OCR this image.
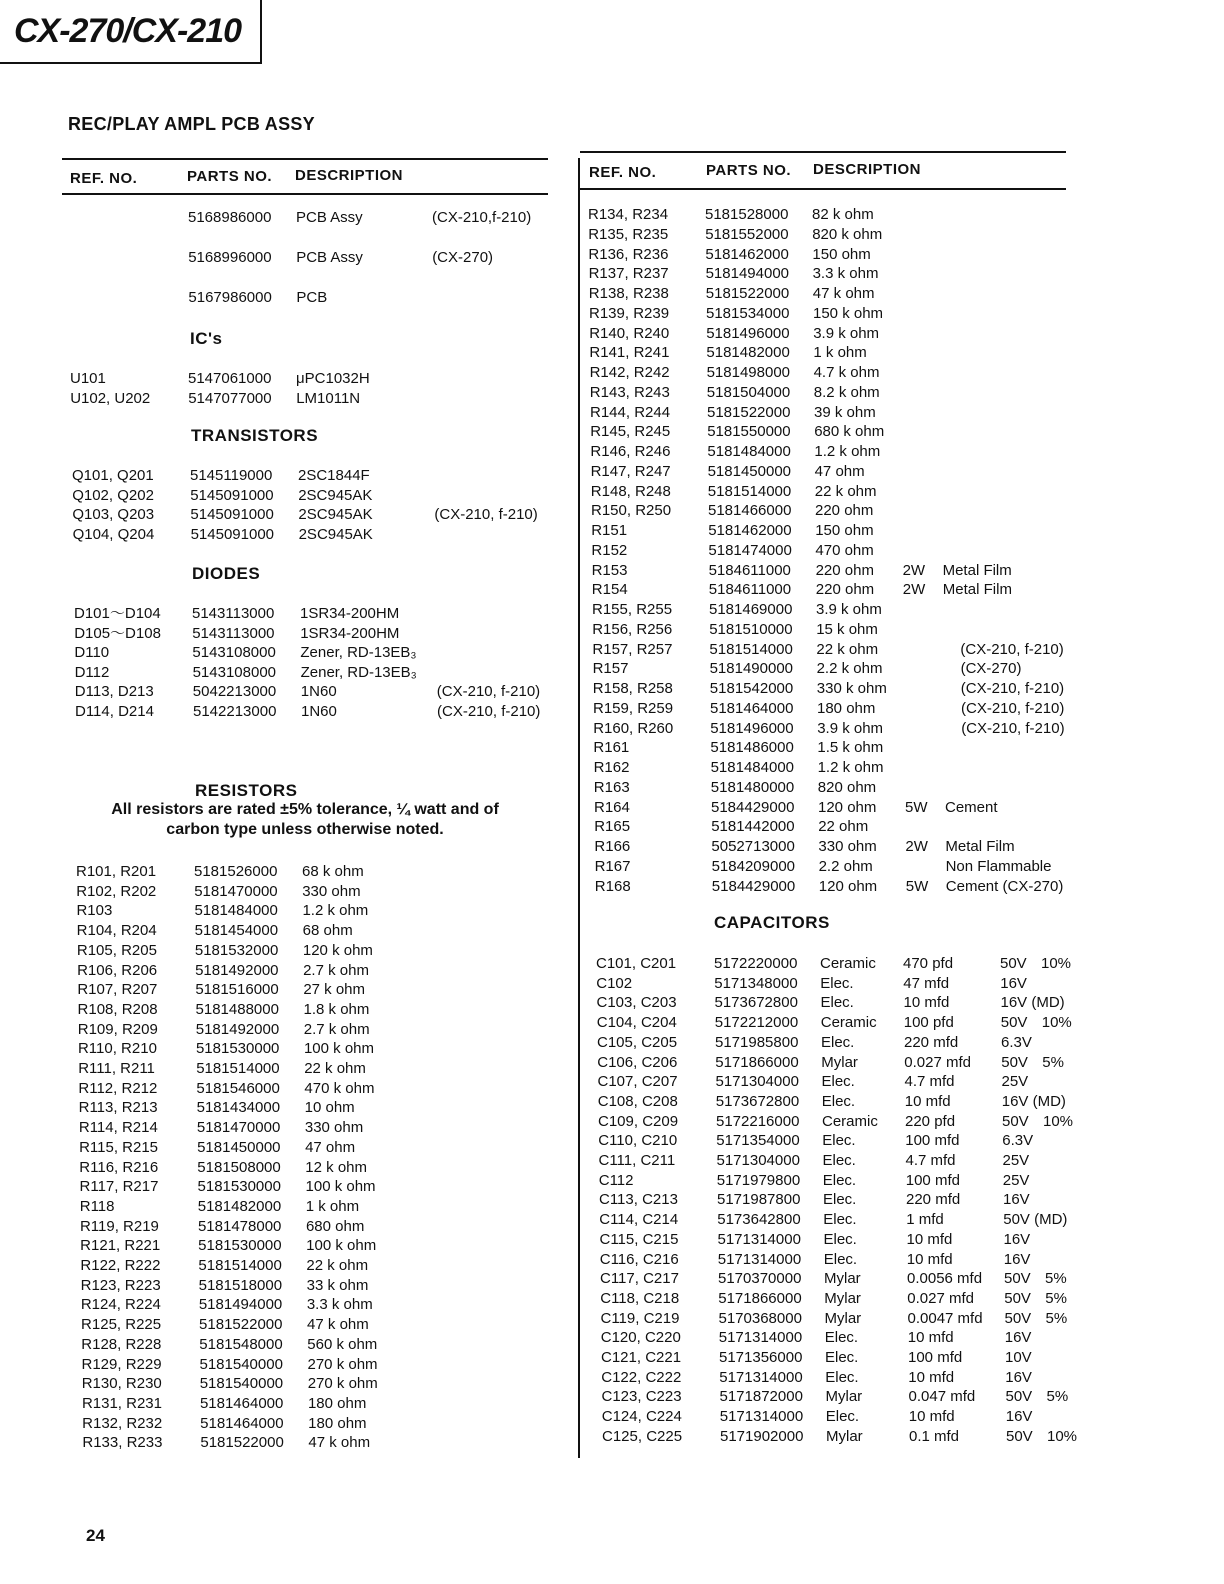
CX-270/CX-210
REC/PLAY AMPL PCB ASSY
REF. NO.	PARTS NO. DESCRIPTION	REF. NO.	PARTS NO. DESCRIPTION
IC's
TRANSISTORS
DIODES
RESISTORS
All resistors are rated ±5% tolerance, ¼ watt and of
carbon type unless otherwise noted.
CAPACITORS
24
5168986000 PCB Assy	(CX-210,f-210)
5168996000 PCB Assy	(CX-270)
5167986000 PCB
U101	5147061000 μPC1032H
U102, U202	5147077000 LM1011N
Q101, Q201 5145119000 2SC1844F
Q102, Q202 5145091000 2SC945AK
Q103, Q203 5145091000 2SC945AK	(CX-210, f-210)
Q104, Q204 5145091000 2SC945AK
D101～D104 5143113000 1SR34-200HM
D105～D108 5143113000 1SR34-200HM
D110	5143108000 Zener, RD-13EB₃
D112	5143108000 Zener, RD-13EB₃
D113, D213	5042213000 1N60	(CX-210, f-210)
D114, D214	5142213000 1N60	(CX-210, f-210)
R101, R201	5181526000 68 k ohm
R102, R202	5181470000 330 ohm
R103	5181484000 1.2 k ohm
R104, R204	5181454000 68 ohm
R105, R205	5181532000 120 k ohm
R106, R206	5181492000 2.7 k ohm
R107, R207	5181516000 27 k ohm
R108, R208	5181488000 1.8 k ohm
R109, R209	5181492000 2.7 k ohm
R110, R210	5181530000 100 k ohm
R111, R211	5181514000 22 k ohm
R112, R212	5181546000 470 k ohm
R113, R213	5181434000 10 ohm
R114, R214	5181470000 330 ohm
R115, R215	5181450000 47 ohm
R116, R216	5181508000 12 k ohm
R117, R217	5181530000 100 k ohm
R118	5181482000 1 k ohm
R119, R219	5181478000 680 ohm
R121, R221	5181530000 100 k ohm
R122, R222	5181514000 22 k ohm
R123, R223	5181518000 33 k ohm
R124, R224	5181494000 3.3 k ohm
R125, R225	5181522000 47 k ohm
R128, R228	5181548000 560 k ohm
R129, R229	5181540000 270 k ohm
R130, R230	5181540000 270 k ohm
R131, R231	5181464000 180 ohm
R132, R232	5181464000 180 ohm
R133, R233	5181522000 47 k ohm
R134, R234 5181528000 82 k ohm
R135, R235 5181552000 820 k ohm
R136, R236 5181462000 150 ohm
R137, R237 5181494000 3.3 k ohm
R138, R238 5181522000 47 k ohm
R139, R239 5181534000 150 k ohm
R140, R240 5181496000 3.9 k ohm
R141, R241 5181482000 1 k ohm
R142, R242 5181498000 4.7 k ohm
R143, R243 5181504000 8.2 k ohm
R144, R244 5181522000 39 k ohm
R145, R245 5181550000 680 k ohm
R146, R246 5181484000 1.2 k ohm
R147, R247 5181450000 47 ohm
R148, R248 5181514000 22 k ohm
R150, R250 5181466000 220 ohm
R151	5181462000 150 ohm
R152	5181474000 470 ohm
R153	5184611000 220 ohm 2W Metal Film
R154	5184611000 220 ohm 2W Metal Film
R155, R255 5181469000 3.9 k ohm
R156, R256 5181510000 15 k ohm
R157, R257 5181514000 22 k ohm	(CX-210, f-210)
R157	5181490000 2.2 k ohm	(CX-270)
R158, R258 5181542000 330 k ohm	(CX-210, f-210)
R159, R259 5181464000 180 ohm	(CX-210, f-210)
R160, R260 5181496000 3.9 k ohm	(CX-210, f-210)
R161	5181486000 1.5 k ohm
R162	5181484000 1.2 k ohm
R163	5181480000 820 ohm
R164	5184429000 120 ohm 5W Cement
R165	5181442000 22 ohm
R166	5052713000 330 ohm 2W Metal Film
R167	5184209000 2.2 ohm	Non Flammable
R168	5184429000 120 ohm 5W Cement (CX-270)
C101, C201	5172220000 Ceramic 470 pfd	50V 10%
C102	5171348000 Elec.	47 mfd	16V
C103, C203	5173672800 Elec.	10 mfd	16V (MD)
C104, C204	5172212000 Ceramic 100 pfd	50V 10%
C105, C205	5171985800 Elec.	220 mfd	6.3V
C106, C206	5171866000 Mylar	0.027 mfd 50V 5%
C107, C207	5171304000 Elec.	4.7 mfd	25V
C108, C208	5173672800 Elec.	10 mfd	16V (MD)
C109, C209	5172216000 Ceramic 220 pfd	50V 10%
C110, C210	5171354000 Elec.	100 mfd	6.3V
C111, C211	5171304000 Elec.	4.7 mfd	25V
C112	5171979800 Elec.	100 mfd	25V
C113, C213	5171987800 Elec.	220 mfd	16V
C114, C214	5173642800 Elec.	1 mfd	50V (MD)
C115, C215	5171314000 Elec.	10 mfd	16V
C116, C216	5171314000 Elec.	10 mfd	16V
C117, C217	5170370000 Mylar	0.0056 mfd 50V 5%
C118, C218	5171866000 Mylar	0.027 mfd 50V 5%
C119, C219	5170368000 Mylar	0.0047 mfd 50V 5%
C120, C220	5171314000 Elec.	10 mfd	16V
C121, C221	5171356000 Elec.	100 mfd	10V
C122, C222	5171314000 Elec.	10 mfd	16V
C123, C223	5171872000 Mylar	0.047 mfd 50V 5%
C124, C224	5171314000 Elec.	10 mfd	16V
C125, C225	5171902000 Mylar	0.1 mfd	50V 10%
